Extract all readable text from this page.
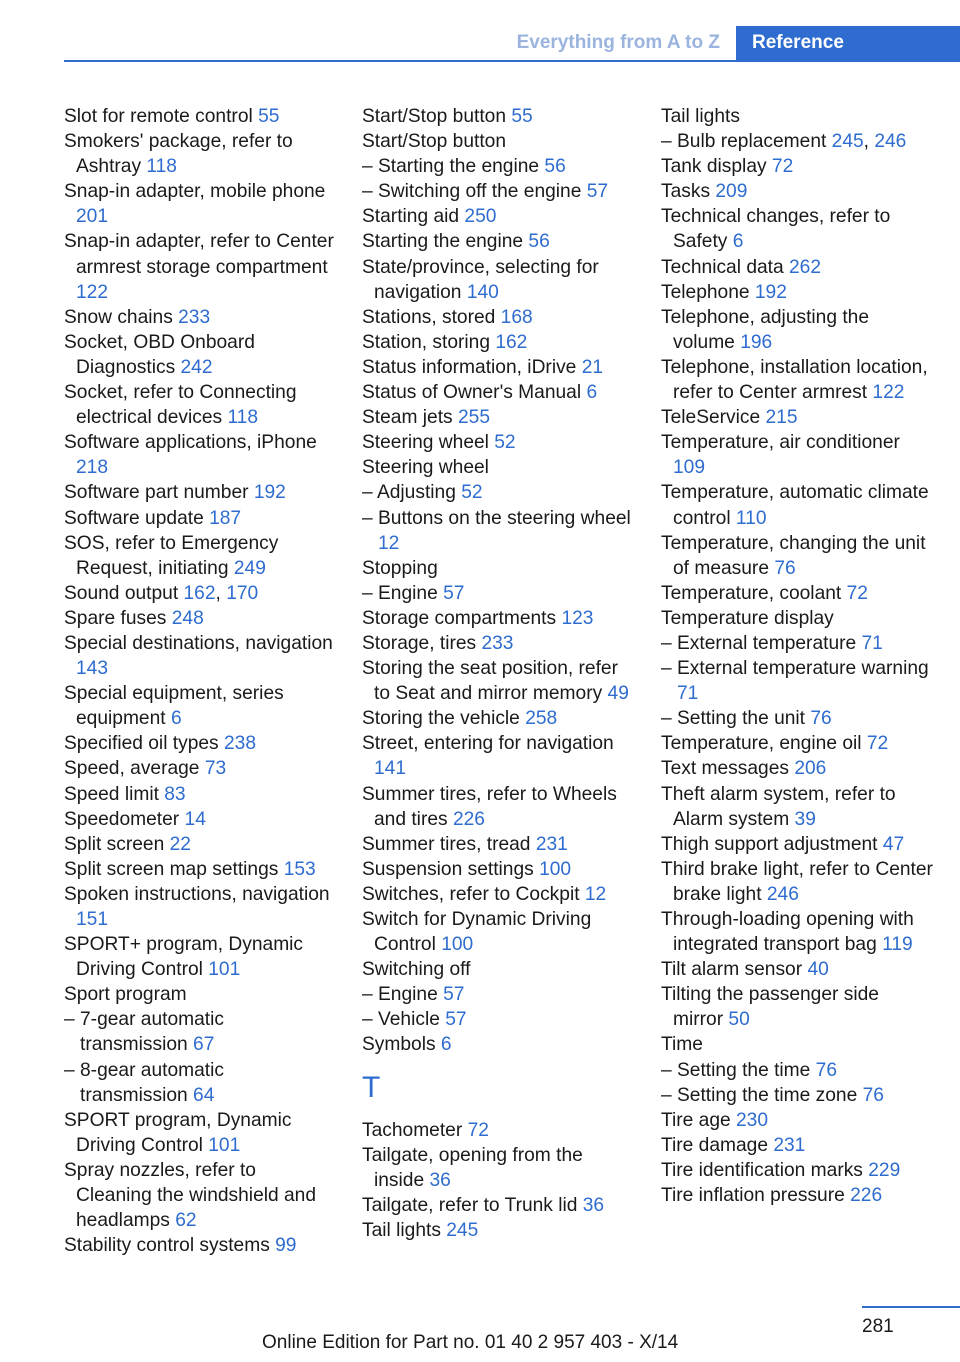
Everything from A to Z	Reference
Slot for remote control 55
Smokers' package, refer to Ashtray 118
Snap-in adapter, mobile phone 201
Snap-in adapter, refer to Center armrest storage compartment 122
Snow chains 233
Socket, OBD Onboard Diagnostics 242
Socket, refer to Connecting electrical devices 118
Software applications, iPhone 218
Software part number 192
Software update 187
SOS, refer to Emergency Request, initiating 249
Sound output 162, 170
Spare fuses 248
Special destinations, navigation 143
Special equipment, series equipment 6
Specified oil types 238
Speed, average 73
Speed limit 83
Speedometer 14
Split screen 22
Split screen map settings 153
Spoken instructions, navigation 151
SPORT+ program, Dynamic Driving Control 101
Sport program
– 7-gear automatic transmission 67
– 8-gear automatic transmission 64
SPORT program, Dynamic Driving Control 101
Spray nozzles, refer to Cleaning the windshield and headlamps 62
Stability control systems 99
Start/Stop button 55
Start/Stop button
– Starting the engine 56
– Switching off the engine 57
Starting aid 250
Starting the engine 56
State/province, selecting for navigation 140
Stations, stored 168
Station, storing 162
Status information, iDrive 21
Status of Owner's Manual 6
Steam jets 255
Steering wheel 52
Steering wheel
– Adjusting 52
– Buttons on the steering wheel 12
Stopping
– Engine 57
Storage compartments 123
Storage, tires 233
Storing the seat position, refer to Seat and mirror memory 49
Storing the vehicle 258
Street, entering for navigation 141
Summer tires, refer to Wheels and tires 226
Summer tires, tread 231
Suspension settings 100
Switches, refer to Cockpit 12
Switch for Dynamic Driving Control 100
Switching off
– Engine 57
– Vehicle 57
Symbols 6
T
Tachometer 72
Tailgate, opening from the inside 36
Tailgate, refer to Trunk lid 36
Tail lights 245
Tail lights
– Bulb replacement 245, 246
Tank display 72
Tasks 209
Technical changes, refer to Safety 6
Technical data 262
Telephone 192
Telephone, adjusting the volume 196
Telephone, installation location, refer to Center armrest 122
TeleService 215
Temperature, air conditioner 109
Temperature, automatic climate control 110
Temperature, changing the unit of measure 76
Temperature, coolant 72
Temperature display
– External temperature 71
– External temperature warning 71
– Setting the unit 76
Temperature, engine oil 72
Text messages 206
Theft alarm system, refer to Alarm system 39
Thigh support adjustment 47
Third brake light, refer to Center brake light 246
Through-loading opening with integrated transport bag 119
Tilt alarm sensor 40
Tilting the passenger side mirror 50
Time
– Setting the time 76
– Setting the time zone 76
Tire age 230
Tire damage 231
Tire identification marks 229
Tire inflation pressure 226
281
Online Edition for Part no. 01 40 2 957 403 - X/14
